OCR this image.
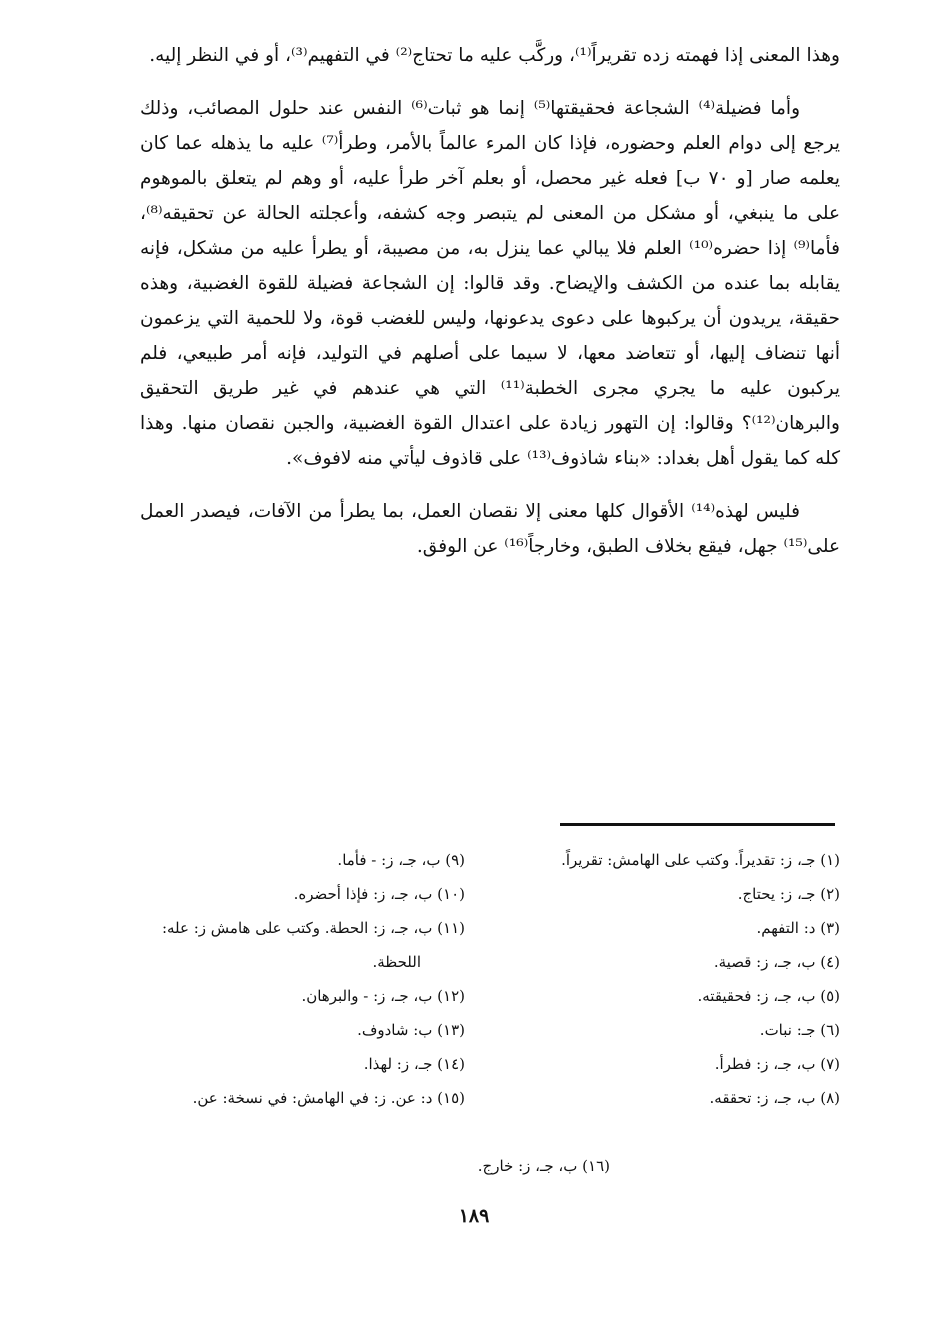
وهذا المعنى إذا فهمته زده تقريراً⁽¹⁾، وركَّب عليه ما تحتاج⁽²⁾ في التفهيم⁽³⁾، أو في النظر إليه.

وأما فضيلة⁽⁴⁾ الشجاعة فحقيقتها⁽⁵⁾ إنما هو ثبات⁽⁶⁾ النفس عند حلول المصائب، وذلك يرجع إلى دوام العلم وحضوره، فإذا كان المرء عالماً بالأمر، وطرأ⁽⁷⁾ عليه ما يذهله عما كان يعلمه صار [و ٧٠ ب] فعله غير محصل، أو بعلم آخر طرأ عليه، أو وهم لم يتعلق بالموهوم على ما ينبغي، أو مشكل من المعنى لم يتبصر وجه كشفه، وأعجلته الحالة عن تحقيقه⁽⁸⁾، فأما⁽⁹⁾ إذا حضره⁽¹⁰⁾ العلم فلا يبالي عما ينزل به، من مصيبة، أو يطرأ عليه من مشكل، فإنه يقابله بما عنده من الكشف والإيضاح. وقد قالوا: إن الشجاعة فضيلة للقوة الغضبية، وهذه حقيقة، يريدون أن يركبوها على دعوى يدعونها، وليس للغضب قوة، ولا للحمية التي يزعمون أنها تنضاف إليها، أو تتعاضد معها، لا سيما على أصلهم في التوليد، فإنه أمر طبيعي، فلم يركبون عليه ما يجري مجرى الخطبة⁽¹¹⁾ التي هي عندهم في غير طريق التحقيق والبرهان⁽¹²⁾؟ وقالوا: إن التهور زيادة على اعتدال القوة الغضبية، والجبن نقصان منها. وهذا كله كما يقول أهل بغداد: «بناء شاذوف⁽¹³⁾ على قاذوف ليأتي منه لافوف».

فليس لهذه⁽¹⁴⁾ الأقوال كلها معنى إلا نقصان العمل، بما يطرأ من الآفات، فيصدر العمل على⁽¹⁵⁾ جهل، فيقع بخلاف الطبق، وخارجاً⁽¹⁶⁾ عن الوفق.

(١) جـ، ز: تقديراً. وكتب على الهامش: تقريراً.

(٢) جـ، ز: يحتاج.

(٣) د: التفهم.

(٤) ب، جـ، ز: قصية.

(٥) ب، جـ، ز: فحقيقته.

(٦) جـ: نبات.

(٧) ب، جـ، ز: فطرأ.

(٨) ب، جـ، ز: تحققه.

(٩) ب، جـ، ز: - فأما.

(١٠) ب، جـ، ز: فإذا أحضره.

(١١) ب، جـ، ز: الحطة. وكتب على هامش ز: عله: اللحظة.

(١٢) ب، جـ، ز: - والبرهان.

(١٣) ب: شادوف.

(١٤) جـ، ز: لهذا.

(١٥) د: عن. ز: في الهامش: في نسخة: عن.

(١٦) ب، جـ، ز: خارج.
١٨٩
